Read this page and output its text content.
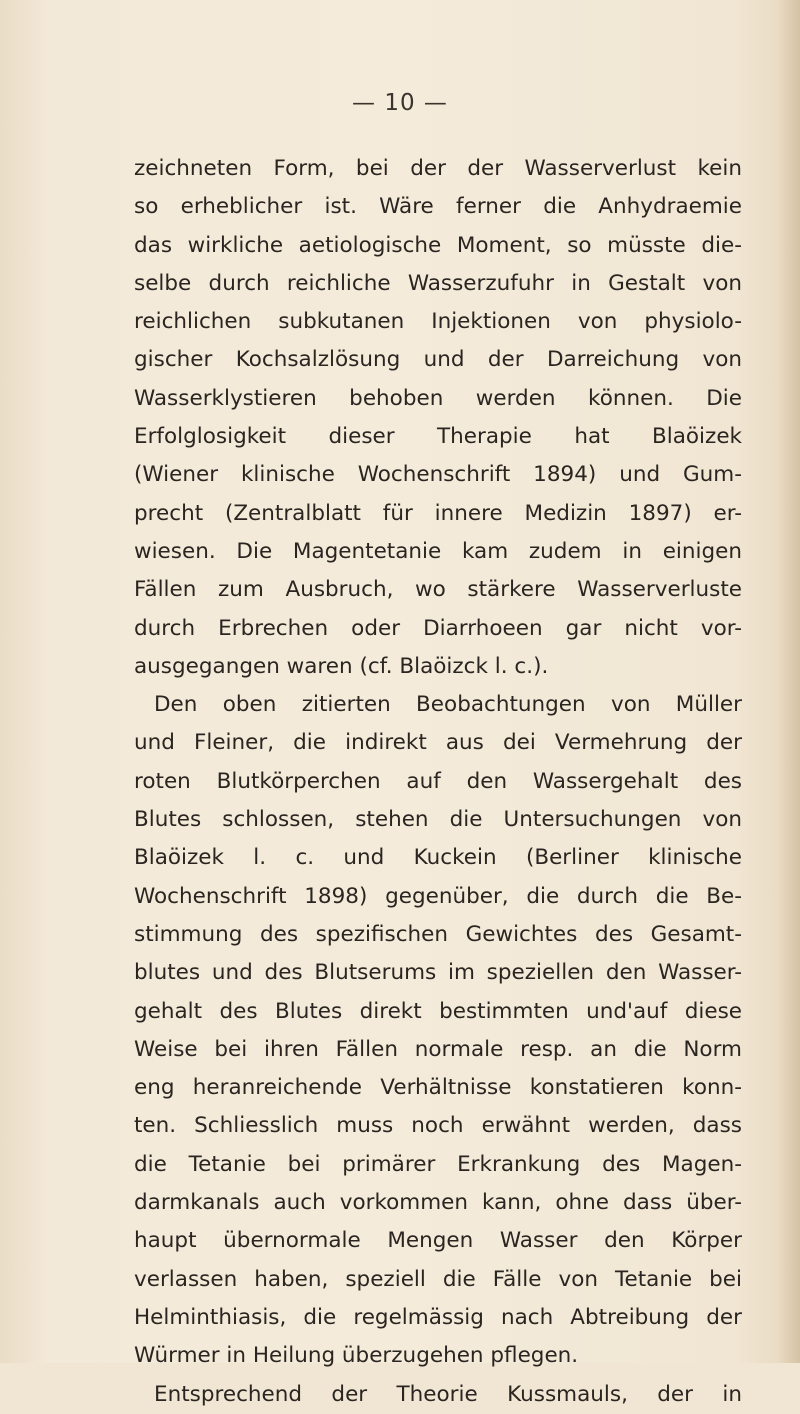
— 10 —
zeichneten Form, bei der der Wasserverlust kein
so erheblicher ist. Wäre ferner die Anhydraemie
das wirkliche aetiologische Moment, so müsste die-
selbe durch reichliche Wasserzufuhr in Gestalt von
reichlichen subkutanen Injektionen von physiolo-
gischer Kochsalzlösung und der Darreichung von
Wasserklystieren behoben werden können. Die
Erfolglosigkeit dieser Therapie hat Blaöizek
(Wiener klinische Wochenschrift 1894) und Gum-
precht (Zentralblatt für innere Medizin 1897) er-
wiesen. Die Magentetanie kam zudem in einigen
Fällen zum Ausbruch, wo stärkere Wasserverluste
durch Erbrechen oder Diarrhoeen gar nicht vor-
ausgegangen waren (cf. Blaöizck l. c.).
Den oben zitierten Beobachtungen von Müller
und Fleiner, die indirekt aus dei Vermehrung der
roten Blutkörperchen auf den Wassergehalt des
Blutes schlossen, stehen die Untersuchungen von
Blaöizek l. c. und Kuckein (Berliner klinische
Wochenschrift 1898) gegenüber, die durch die Be-
stimmung des spezifischen Gewichtes des Gesamt-
blutes und des Blutserums im speziellen den Wasser-
gehalt des Blutes direkt bestimmten und'auf diese
Weise bei ihren Fällen normale resp. an die Norm
eng heranreichende Verhältnisse konstatieren konn-
ten. Schliesslich muss noch erwähnt werden, dass
die Tetanie bei primärer Erkrankung des Magen-
darmkanals auch vorkommen kann, ohne dass über-
haupt übernormale Mengen Wasser den Körper
verlassen haben, speziell die Fälle von Tetanie bei
Helminthiasis, die regelmässig nach Abtreibung der
Würmer in Heilung überzugehen pflegen.
Entsprechend der Theorie Kussmauls, der in
